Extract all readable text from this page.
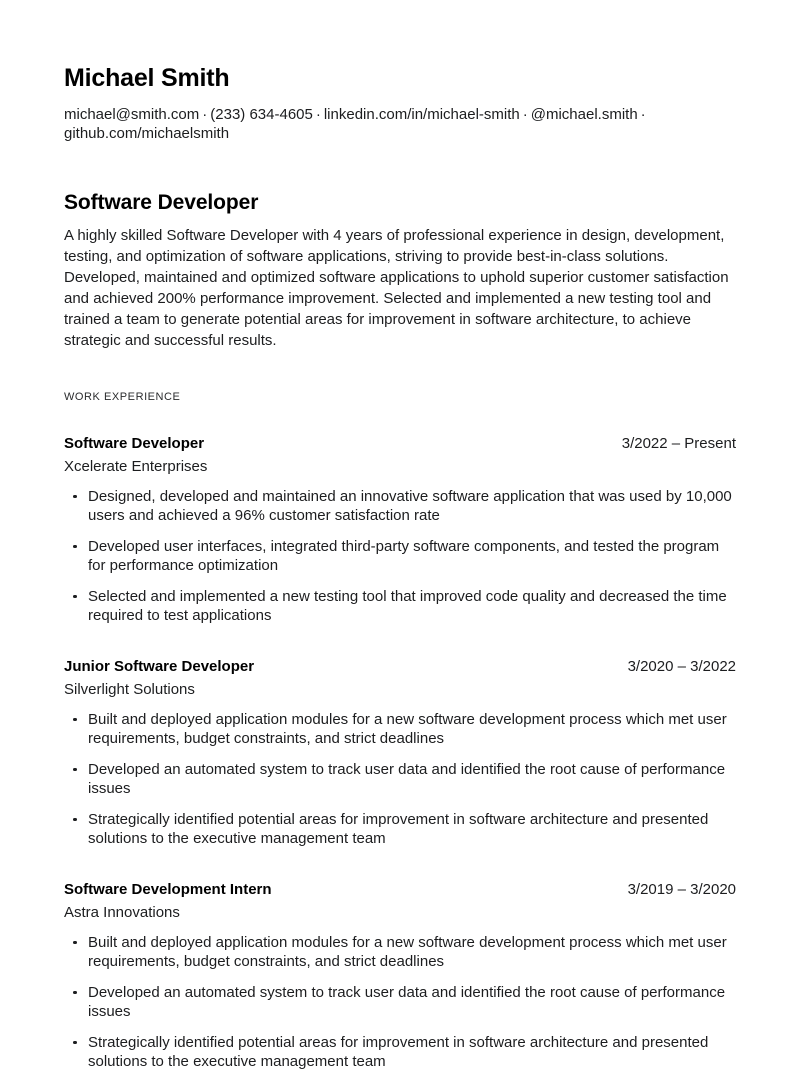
Michael Smith
michael@smith.com · (233) 634-4605 · linkedin.com/in/michael-smith · @michael.smith ·github.com/michaelsmith
Software Developer

A highly skilled Software Developer with 4 years of professional experience in design, development, testing, and optimization of software applications, striving to provide best-in-class solutions. Developed, maintained and optimized software applications to uphold superior customer satisfaction and achieved 200% performance improvement. Selected and implemented a new testing tool and trained a team to generate potential areas for improvement in software architecture, to achieve strategic and successful results.

WORK EXPERIENCE
Software Developer	3/2022 – Present
Xcelerate Enterprises
Designed, developed and maintained an innovative software application that was used by 10,000 users and achieved a 96% customer satisfaction rate
Developed user interfaces, integrated third-party software components, and tested the program for performance optimization
Selected and implemented a new testing tool that improved code quality and decreased the time required to test applications
Junior Software Developer	3/2020 – 3/2022
Silverlight Solutions
Built and deployed application modules for a new software development process which met user requirements, budget constraints, and strict deadlines
Developed an automated system to track user data and identified the root cause of performance issues
Strategically identified potential areas for improvement in software architecture and presented solutions to the executive management team
Software Development Intern	3/2019 – 3/2020
Astra Innovations
Built and deployed application modules for a new software development process which met user requirements, budget constraints, and strict deadlines
Developed an automated system to track user data and identified the root cause of performance issues
Strategically identified potential areas for improvement in software architecture and presented solutions to the executive management team
